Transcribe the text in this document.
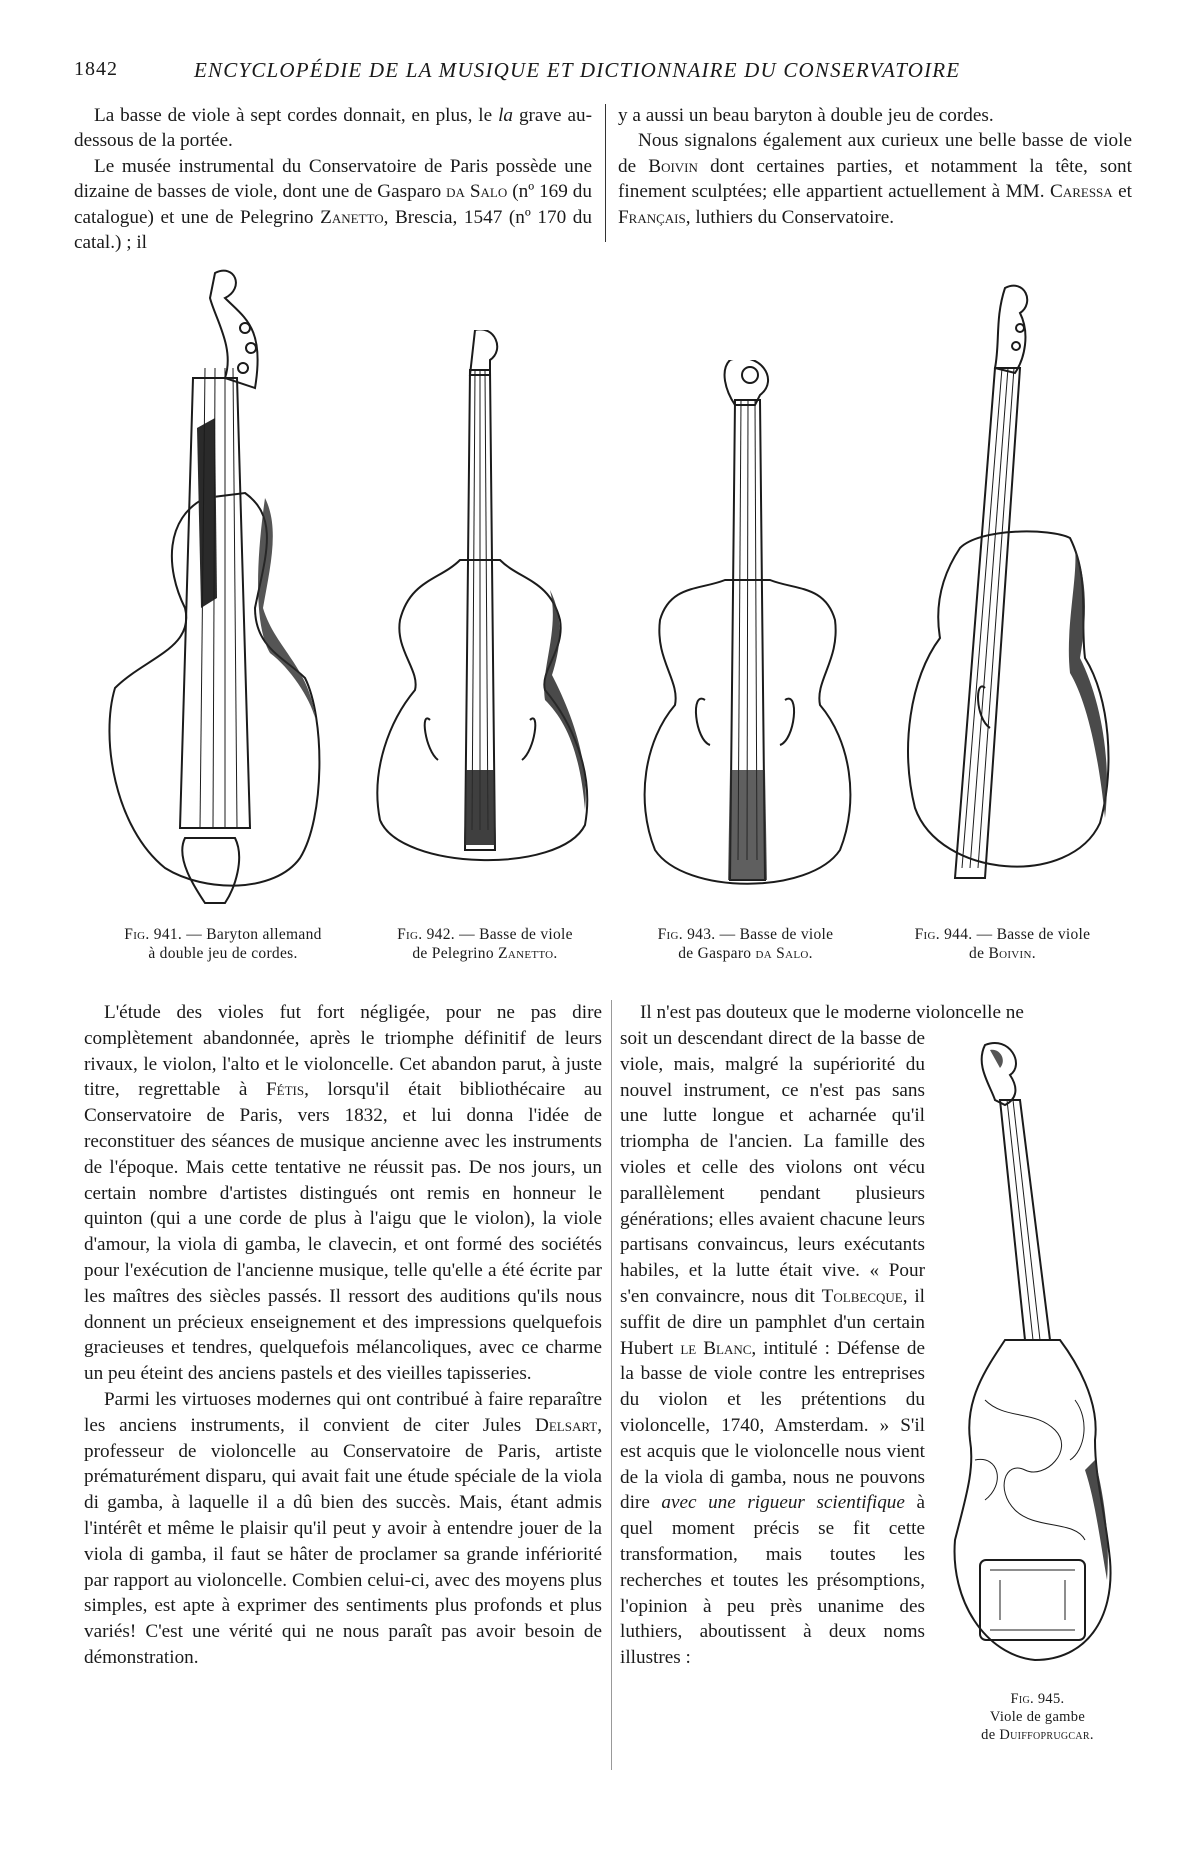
1842	ENCYCLOPÉDIE DE LA MUSIQUE ET DICTIONNAIRE DU CONSERVATOIRE

La basse de viole à sept cordes donnait, en plus, le la grave au-dessous de la portée.

Le musée instrumental du Conservatoire de Paris possède une dizaine de basses de viole, dont une de Gasparo da Salo (nº 169 du catalogue) et une de Pelegrino Zanetto, Brescia, 1547 (nº 170 du catal.) ; il

y a aussi un beau baryton à double jeu de cordes.

Nous signalons également aux curieux une belle basse de viole de Boivin dont certaines parties, et notamment la tête, sont finement sculptées; elle appartient actuellement à MM. Caressa et Français, luthiers du Conservatoire.

Fig. 941. — Baryton allemand
à double jeu de cordes.
Fig. 942. — Basse de viole
de Pelegrino Zanetto.
Fig. 943. — Basse de viole
de Gasparo da Salo.
Fig. 944. — Basse de viole
de Boivin.

L'étude des violes fut fort négligée, pour ne pas dire complètement abandonnée, après le triomphe définitif de leurs rivaux, le violon, l'alto et le violoncelle. Cet abandon parut, à juste titre, regrettable à Fétis, lorsqu'il était bibliothécaire au Conservatoire de Paris, vers 1832, et lui donna l'idée de reconstituer des séances de musique ancienne avec les instruments de l'époque. Mais cette tentative ne réussit pas. De nos jours, un certain nombre d'artistes distingués ont remis en honneur le quinton (qui a une corde de plus à l'aigu que le violon), la viole d'amour, la viola di gamba, le clavecin, et ont formé des sociétés pour l'exécution de l'ancienne musique, telle qu'elle a été écrite par les maîtres des siècles passés. Il ressort des auditions qu'ils nous donnent un précieux enseignement et des impressions quelquefois gracieuses et tendres, quelquefois mélancoliques, avec ce charme un peu éteint des anciens pastels et des vieilles tapisseries.

Parmi les virtuoses modernes qui ont contribué à faire reparaître les anciens instruments, il convient de citer Jules Delsart, professeur de violoncelle au Conservatoire de Paris, artiste prématurément disparu, qui avait fait une étude spéciale de la viola di gamba, à laquelle il a dû bien des succès. Mais, étant admis l'intérêt et même le plaisir qu'il peut y avoir à entendre jouer de la viola di gamba, il faut se hâter de proclamer sa grande infériorité par rapport au violoncelle. Combien celui-ci, avec des moyens plus simples, est apte à exprimer des sentiments plus profonds et plus variés! C'est une vérité qui ne nous paraît pas avoir besoin de démonstration.

Il n'est pas douteux que le moderne violoncelle ne

soit un descendant direct de la basse de viole, mais, malgré la supériorité du nouvel instrument, ce n'est pas sans une lutte longue et acharnée qu'il triompha de l'ancien. La famille des violes et celle des violons ont vécu parallèlement pendant plusieurs générations; elles avaient chacune leurs partisans convaincus, leurs exécutants habiles, et la lutte était vive. « Pour s'en convaincre, nous dit Tolbecque, il suffit de dire un pamphlet d'un certain Hubert le Blanc, intitulé : Défense de la basse de viole contre les entreprises du violon et les prétentions du violoncelle, 1740, Amsterdam. » S'il est acquis que le violoncelle nous vient de la viola di gamba, nous ne pouvons dire avec une rigueur scientifique à quel moment précis se fit cette transformation, mais toutes les recherches et toutes les présomptions, l'opinion à peu près unanime des luthiers, aboutissent à deux noms illustres :

Fig. 945.
Viole de gambe
de Duiffoprugcar.
